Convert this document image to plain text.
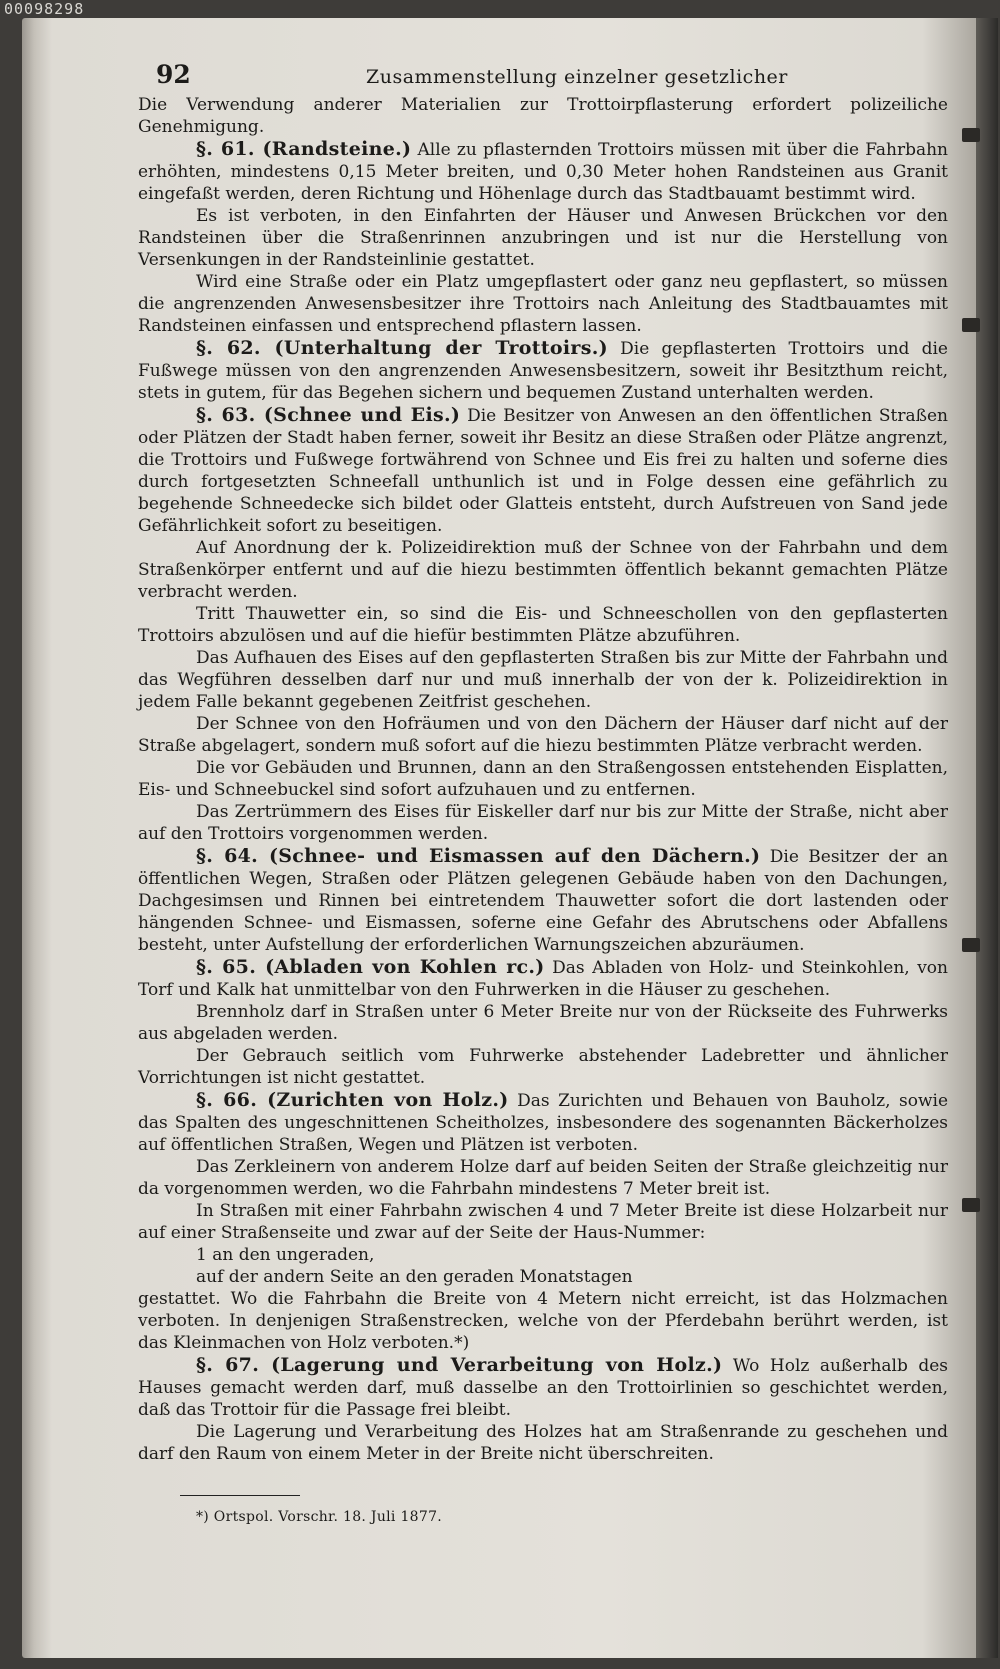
00098298
92	Zusammenstellung einzelner gesetzlicher

Die Verwendung anderer Materialien zur Trottoirpflasterung erfordert polizeiliche Genehmigung.

§. 61. (Randsteine.) Alle zu pflasternden Trottoirs müssen mit über die Fahrbahn erhöhten, mindestens 0,15 Meter breiten, und 0,30 Meter hohen Randsteinen aus Granit eingefaßt werden, deren Richtung und Höhenlage durch das Stadtbauamt bestimmt wird.

Es ist verboten, in den Einfahrten der Häuser und Anwesen Brückchen vor den Randsteinen über die Straßenrinnen anzubringen und ist nur die Herstellung von Versenkungen in der Randsteinlinie gestattet.

Wird eine Straße oder ein Platz umgepflastert oder ganz neu gepflastert, so müssen die angrenzenden Anwesensbesitzer ihre Trottoirs nach Anleitung des Stadtbauamtes mit Randsteinen einfassen und entsprechend pflastern lassen.

§. 62. (Unterhaltung der Trottoirs.) Die gepflasterten Trottoirs und die Fußwege müssen von den angrenzenden Anwesensbesitzern, soweit ihr Besitzthum reicht, stets in gutem, für das Begehen sichern und bequemen Zustand unterhalten werden.

§. 63. (Schnee und Eis.) Die Besitzer von Anwesen an den öffentlichen Straßen oder Plätzen der Stadt haben ferner, soweit ihr Besitz an diese Straßen oder Plätze angrenzt, die Trottoirs und Fußwege fortwährend von Schnee und Eis frei zu halten und soferne dies durch fortgesetzten Schneefall unthunlich ist und in Folge dessen eine gefährlich zu begehende Schneedecke sich bildet oder Glatteis entsteht, durch Aufstreuen von Sand jede Gefährlichkeit sofort zu beseitigen.

Auf Anordnung der k. Polizeidirektion muß der Schnee von der Fahrbahn und dem Straßenkörper entfernt und auf die hiezu bestimmten öffentlich bekannt gemachten Plätze verbracht werden.

Tritt Thauwetter ein, so sind die Eis- und Schneeschollen von den gepflasterten Trottoirs abzulösen und auf die hiefür bestimmten Plätze abzuführen.

Das Aufhauen des Eises auf den gepflasterten Straßen bis zur Mitte der Fahrbahn und das Wegführen desselben darf nur und muß innerhalb der von der k. Polizeidirektion in jedem Falle bekannt gegebenen Zeitfrist geschehen.

Der Schnee von den Hofräumen und von den Dächern der Häuser darf nicht auf der Straße abgelagert, sondern muß sofort auf die hiezu bestimmten Plätze verbracht werden.

Die vor Gebäuden und Brunnen, dann an den Straßengossen entstehenden Eisplatten, Eis- und Schneebuckel sind sofort aufzuhauen und zu entfernen.

Das Zertrümmern des Eises für Eiskeller darf nur bis zur Mitte der Straße, nicht aber auf den Trottoirs vorgenommen werden.

§. 64. (Schnee- und Eismassen auf den Dächern.) Die Besitzer der an öffentlichen Wegen, Straßen oder Plätzen gelegenen Gebäude haben von den Dachungen, Dachgesimsen und Rinnen bei eintretendem Thauwetter sofort die dort lastenden oder hängenden Schnee- und Eismassen, soferne eine Gefahr des Abrutschens oder Abfallens besteht, unter Aufstellung der erforderlichen Warnungszeichen abzuräumen.

§. 65. (Abladen von Kohlen rc.) Das Abladen von Holz- und Steinkohlen, von Torf und Kalk hat unmittelbar von den Fuhrwerken in die Häuser zu geschehen.

Brennholz darf in Straßen unter 6 Meter Breite nur von der Rückseite des Fuhrwerks aus abgeladen werden.

Der Gebrauch seitlich vom Fuhrwerke abstehender Ladebretter und ähnlicher Vorrichtungen ist nicht gestattet.

§. 66. (Zurichten von Holz.) Das Zurichten und Behauen von Bauholz, sowie das Spalten des ungeschnittenen Scheitholzes, insbesondere des sogenannten Bäckerholzes auf öffentlichen Straßen, Wegen und Plätzen ist verboten.

Das Zerkleinern von anderem Holze darf auf beiden Seiten der Straße gleichzeitig nur da vorgenommen werden, wo die Fahrbahn mindestens 7 Meter breit ist.

In Straßen mit einer Fahrbahn zwischen 4 und 7 Meter Breite ist diese Holzarbeit nur auf einer Straßenseite und zwar auf der Seite der Haus-Nummer:

1 an den ungeraden,

auf der andern Seite an den geraden Monatstagen

gestattet. Wo die Fahrbahn die Breite von 4 Metern nicht erreicht, ist das Holzmachen verboten. In denjenigen Straßenstrecken, welche von der Pferdebahn berührt werden, ist das Kleinmachen von Holz verboten.*)

§. 67. (Lagerung und Verarbeitung von Holz.) Wo Holz außerhalb des Hauses gemacht werden darf, muß dasselbe an den Trottoirlinien so geschichtet werden, daß das Trottoir für die Passage frei bleibt.

Die Lagerung und Verarbeitung des Holzes hat am Straßenrande zu geschehen und darf den Raum von einem Meter in der Breite nicht überschreiten.

*) Ortspol. Vorschr. 18. Juli 1877.
